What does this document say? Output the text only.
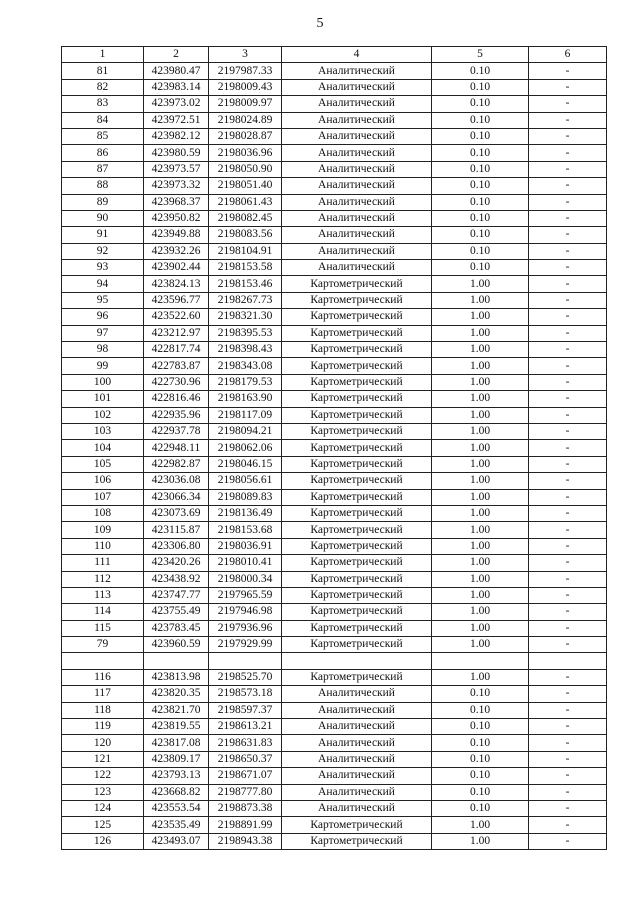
5
1	2	3	4	5	6
81	423980.47	2197987.33	Аналитический	0.10	-
82	423983.14	2198009.43	Аналитический	0.10	-
83	423973.02	2198009.97	Аналитический	0.10	-
84	423972.51	2198024.89	Аналитический	0.10	-
85	423982.12	2198028.87	Аналитический	0.10	-
86	423980.59	2198036.96	Аналитический	0.10	-
87	423973.57	2198050.90	Аналитический	0.10	-
88	423973.32	2198051.40	Аналитический	0.10	-
89	423968.37	2198061.43	Аналитический	0.10	-
90	423950.82	2198082.45	Аналитический	0.10	-
91	423949.88	2198083.56	Аналитический	0.10	-
92	423932.26	2198104.91	Аналитический	0.10	-
93	423902.44	2198153.58	Аналитический	0.10	-
94	423824.13	2198153.46	Картометрический	1.00	-
95	423596.77	2198267.73	Картометрический	1.00	-
96	423522.60	2198321.30	Картометрический	1.00	-
97	423212.97	2198395.53	Картометрический	1.00	-
98	422817.74	2198398.43	Картометрический	1.00	-
99	422783.87	2198343.08	Картометрический	1.00	-
100	422730.96	2198179.53	Картометрический	1.00	-
101	422816.46	2198163.90	Картометрический	1.00	-
102	422935.96	2198117.09	Картометрический	1.00	-
103	422937.78	2198094.21	Картометрический	1.00	-
104	422948.11	2198062.06	Картометрический	1.00	-
105	422982.87	2198046.15	Картометрический	1.00	-
106	423036.08	2198056.61	Картометрический	1.00	-
107	423066.34	2198089.83	Картометрический	1.00	-
108	423073.69	2198136.49	Картометрический	1.00	-
109	423115.87	2198153.68	Картометрический	1.00	-
110	423306.80	2198036.91	Картометрический	1.00	-
111	423420.26	2198010.41	Картометрический	1.00	-
112	423438.92	2198000.34	Картометрический	1.00	-
113	423747.77	2197965.59	Картометрический	1.00	-
114	423755.49	2197946.98	Картометрический	1.00	-
115	423783.45	2197936.96	Картометрический	1.00	-
79	423960.59	2197929.99	Картометрический	1.00	-

116	423813.98	2198525.70	Картометрический	1.00	-
117	423820.35	2198573.18	Аналитический	0.10	-
118	423821.70	2198597.37	Аналитический	0.10	-
119	423819.55	2198613.21	Аналитический	0.10	-
120	423817.08	2198631.83	Аналитический	0.10	-
121	423809.17	2198650.37	Аналитический	0.10	-
122	423793.13	2198671.07	Аналитический	0.10	-
123	423668.82	2198777.80	Аналитический	0.10	-
124	423553.54	2198873.38	Аналитический	0.10	-
125	423535.49	2198891.99	Картометрический	1.00	-
126	423493.07	2198943.38	Картометрический	1.00	-
